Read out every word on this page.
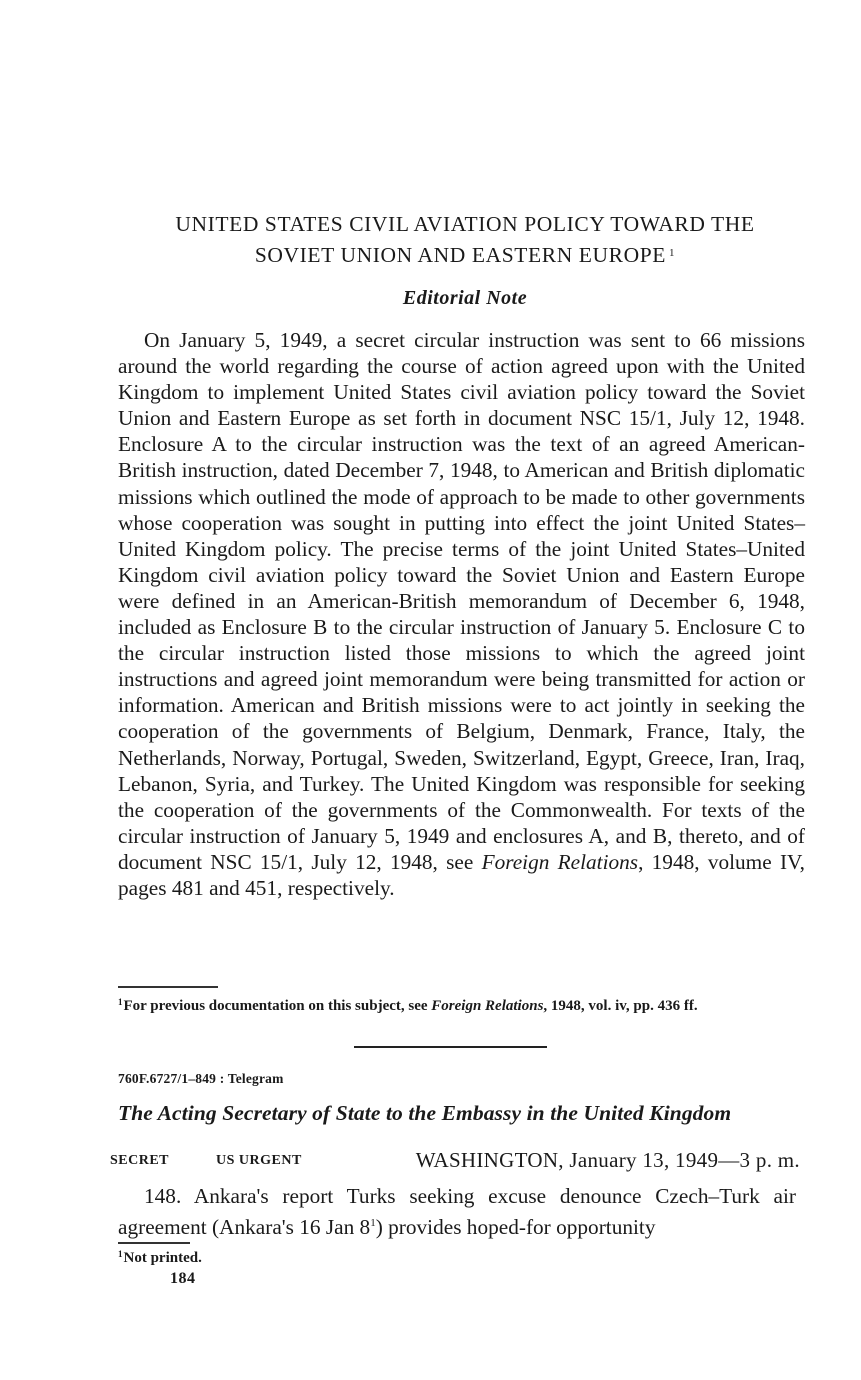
UNITED STATES CIVIL AVIATION POLICY TOWARD THE
SOVIET UNION AND EASTERN EUROPE $^1$
Editorial Note

On January 5, 1949, a secret circular instruction was sent to 66 missions around the world regarding the course of action agreed upon with the United Kingdom to implement United States civil aviation policy toward the Soviet Union and Eastern Europe as set forth in document NSC 15/1, July 12, 1948. Enclosure A to the circular instruction was the text of an agreed American-British instruction, dated December 7, 1948, to American and British diplomatic missions which outlined the mode of approach to be made to other governments whose cooperation was sought in putting into effect the joint United States–United Kingdom policy. The precise terms of the joint United States–United Kingdom civil aviation policy toward the Soviet Union and Eastern Europe were defined in an American-British memorandum of December 6, 1948, included as Enclosure B to the circular instruction of January 5. Enclosure C to the circular instruction listed those missions to which the agreed joint instructions and agreed joint memorandum were being transmitted for action or information. American and British missions were to act jointly in seeking the cooperation of the governments of Belgium, Denmark, France, Italy, the Netherlands, Norway, Portugal, Sweden, Switzerland, Egypt, Greece, Iran, Iraq, Lebanon, Syria, and Turkey. The United Kingdom was responsible for seeking the cooperation of the governments of the Commonwealth. For texts of the circular instruction of January 5, 1949 and enclosures A, and B, thereto, and of document NSC 15/1, July 12, 1948, see Foreign Relations, 1948, volume IV, pages 481 and 451, respectively.

$^1$For previous documentation on this subject, see Foreign Relations, 1948, vol. iv, pp. 436 ff.

760F.6727/1–849 : Telegram

The Acting Secretary of State to the Embassy in the United Kingdom
SECRET	US URGENT	WASHINGTON, January 13, 1949—3 p. m.

148. Ankara's report Turks seeking excuse denounce Czech–Turk air agreement (Ankara's 16 Jan $8^1$) provides hoped-for opportunity

$^1$Not printed.

184
